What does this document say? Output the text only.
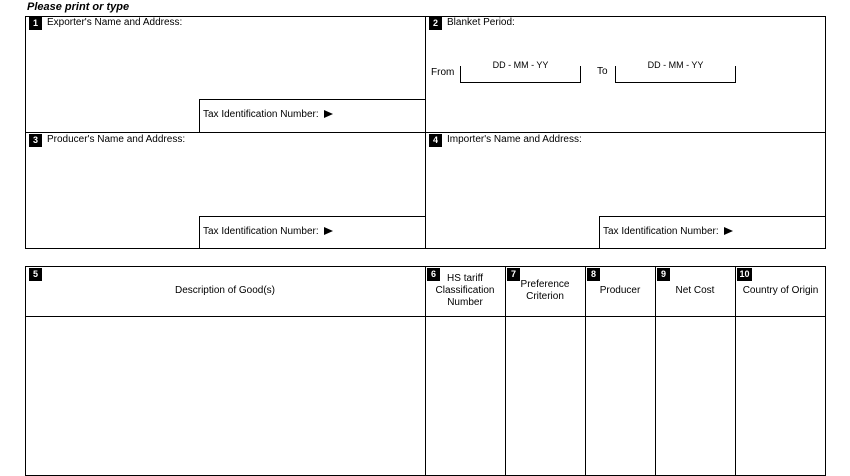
Please print or type
1 Exporter's Name and Address:
Tax Identification Number:
2 Blanket Period:
From
DD - MM - YY
To
DD - MM - YY
3 Producer's Name and Address:
Tax Identification Number:
4 Importer's Name and Address:
Tax Identification Number:
5
Description of Good(s)
6	HS tariff
Classification
Number
7
Preference
Criterion
8
Producer
9
Net Cost
10
Country of Origin
